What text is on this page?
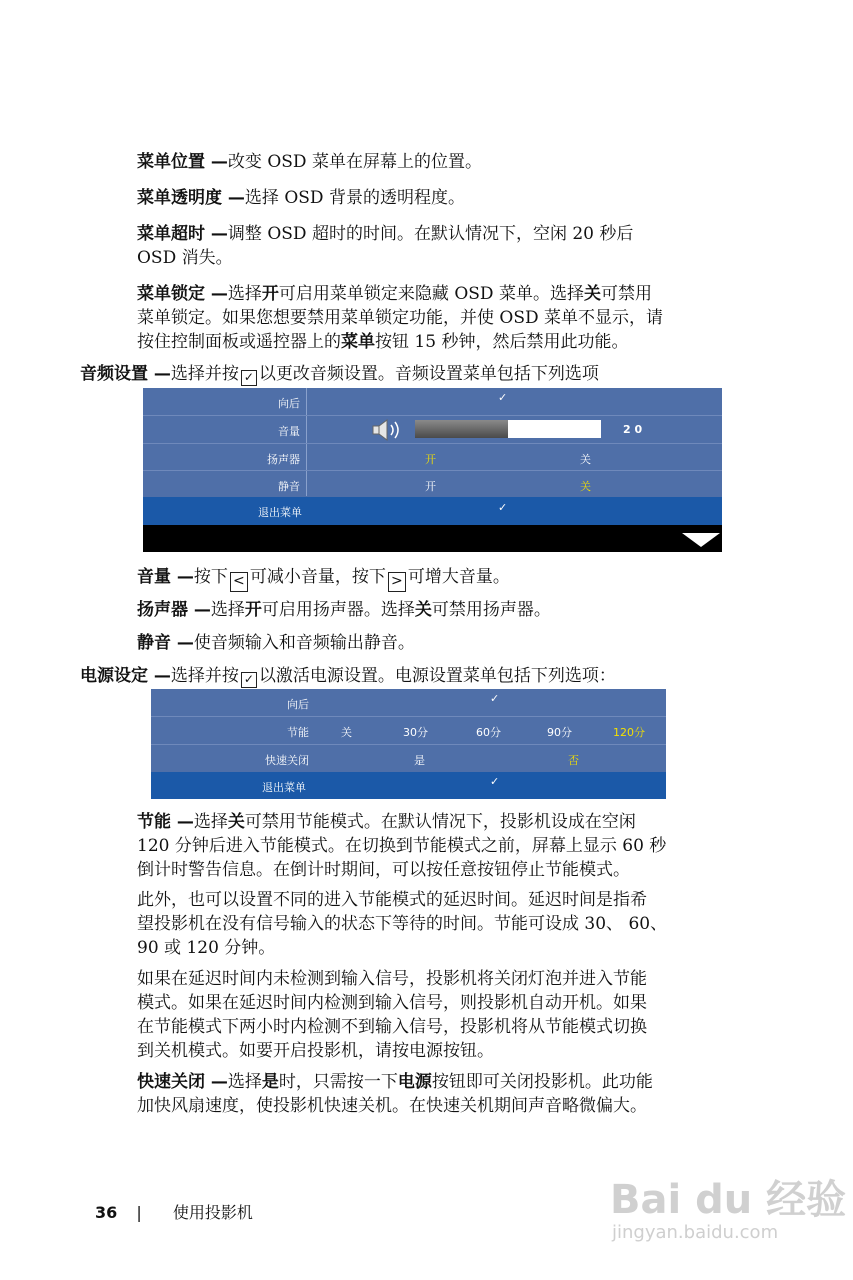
菜单位置 —改变 OSD 菜单在屏幕上的位置。
菜单透明度 —选择 OSD 背景的透明程度。
菜单超时 —调整 OSD 超时的时间。在默认情况下，空闲 20 秒后
OSD 消失。
菜单锁定 —选择开可启用菜单锁定来隐藏 OSD 菜单。选择关可禁用
菜单锁定。如果您想要禁用菜单锁定功能，并使 OSD 菜单不显示，请
按住控制面板或遥控器上的菜单按钮 15 秒钟，然后禁用此功能。
音频设置 —选择并按 ✓ 以更改音频设置。音频设置菜单包括下列选项
向后	✓
音量	2 0
扬声器	开	关
静音	开	关
退出菜单	✓
音量 —按下 < 可减小音量，按下 > 可增大音量。
扬声器 —选择开可启用扬声器。选择关可禁用扬声器。
静音 —使音频输入和音频输出静音。
电源设定 —选择并按 ✓ 以激活电源设置。电源设置菜单包括下列选项：
向后	✓
节能	关	30分	60分	90分	120分
快速关闭	是	否
退出菜单	✓
节能 —选择关可禁用节能模式。在默认情况下，投影机设成在空闲
120 分钟后进入节能模式。在切换到节能模式之前，屏幕上显示 60 秒
倒计时警告信息。在倒计时期间，可以按任意按钮停止节能模式。
此外，也可以设置不同的进入节能模式的延迟时间。延迟时间是指希
望投影机在没有信号输入的状态下等待的时间。节能可设成 30、 60、
90 或 120 分钟。
如果在延迟时间内未检测到输入信号，投影机将关闭灯泡并进入节能
模式。如果在延迟时间内检测到输入信号，则投影机自动开机。如果
在节能模式下两小时内检测不到输入信号，投影机将从节能模式切换
到关机模式。如要开启投影机，请按电源按钮。
快速关闭 —选择是时，只需按一下电源按钮即可关闭投影机。此功能
加快风扇速度，使投影机快速关机。在快速关机期间声音略微偏大。
36 | 使用投影机	Bai du 经验
jingyan.baidu.com
